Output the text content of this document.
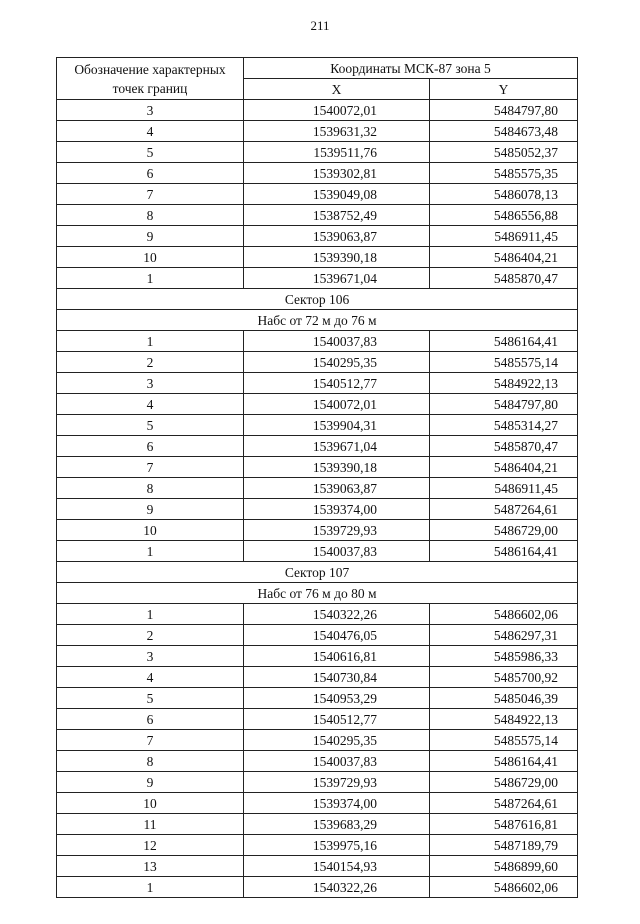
211
Обозначение характерных
точек границ	Координаты МСК-87 зона 5	
	X	Y
3	1540072,01	5484797,80
4	1539631,32	5484673,48
5	1539511,76	5485052,37
6	1539302,81	5485575,35
7	1539049,08	5486078,13
8	1538752,49	5486556,88
9	1539063,87	5486911,45
10	1539390,18	5486404,21
1	1539671,04	5485870,47
Сектор 106		
Набс от 72 м до 76 м		
1	1540037,83	5486164,41
2	1540295,35	5485575,14
3	1540512,77	5484922,13
4	1540072,01	5484797,80
5	1539904,31	5485314,27
6	1539671,04	5485870,47
7	1539390,18	5486404,21
8	1539063,87	5486911,45
9	1539374,00	5487264,61
10	1539729,93	5486729,00
1	1540037,83	5486164,41
Сектор 107		
Набс от 76 м до 80 м		
1	1540322,26	5486602,06
2	1540476,05	5486297,31
3	1540616,81	5485986,33
4	1540730,84	5485700,92
5	1540953,29	5485046,39
6	1540512,77	5484922,13
7	1540295,35	5485575,14
8	1540037,83	5486164,41
9	1539729,93	5486729,00
10	1539374,00	5487264,61
11	1539683,29	5487616,81
12	1539975,16	5487189,79
13	1540154,93	5486899,60
1	1540322,26	5486602,06
